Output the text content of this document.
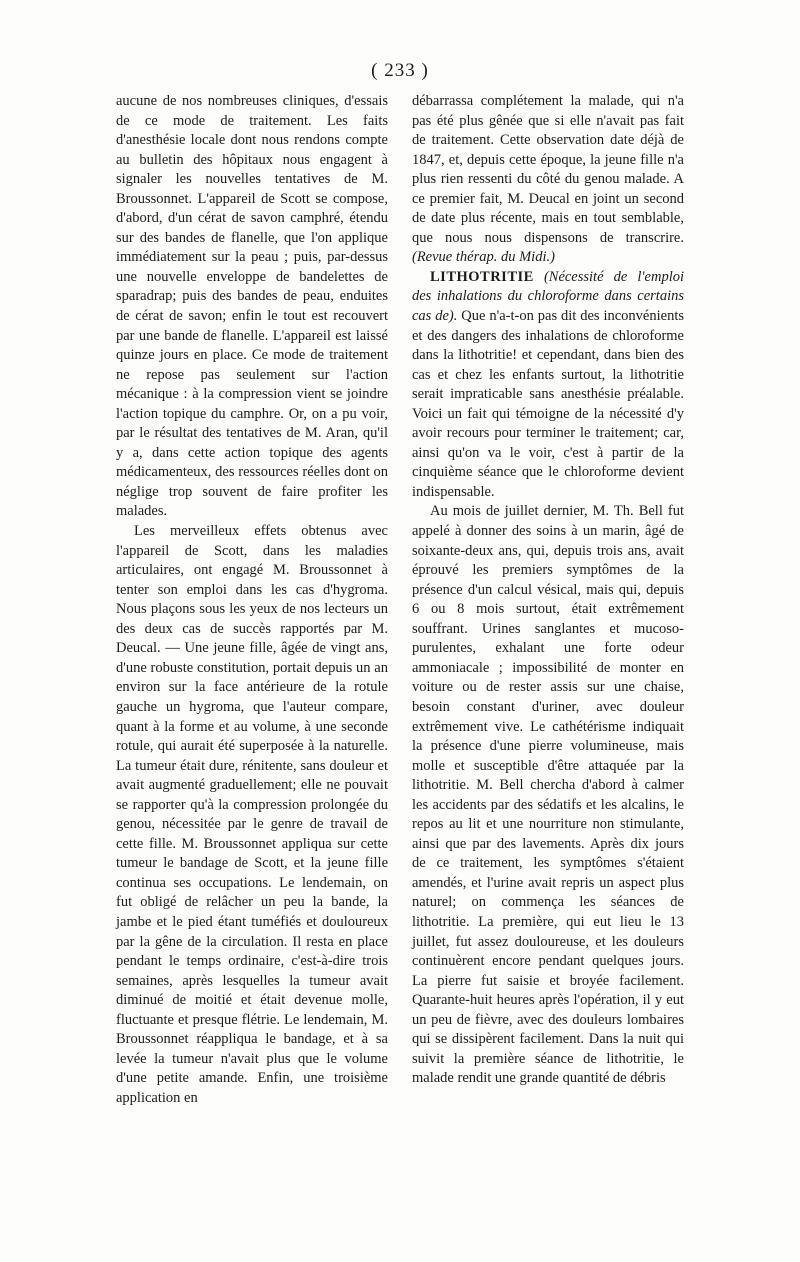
( 233 )

aucune de nos nombreuses cliniques, d'essais de ce mode de traitement. Les faits d'anesthésie locale dont nous rendons compte au bulletin des hôpitaux nous engagent à signaler les nouvelles tentatives de M. Broussonnet. L'appareil de Scott se compose, d'abord, d'un cérat de savon camphré, étendu sur des bandes de flanelle, que l'on applique immédiatement sur la peau ; puis, par-dessus une nouvelle enveloppe de bandelettes de sparadrap; puis des bandes de peau, enduites de cérat de savon; enfin le tout est recouvert par une bande de flanelle. L'appareil est laissé quinze jours en place. Ce mode de traitement ne repose pas seulement sur l'action mécanique : à la compression vient se joindre l'action topique du camphre. Or, on a pu voir, par le résultat des tentatives de M. Aran, qu'il y a, dans cette action topique des agents médicamenteux, des ressources réelles dont on néglige trop souvent de faire profiter les malades.

Les merveilleux effets obtenus avec l'appareil de Scott, dans les maladies articulaires, ont engagé M. Broussonnet à tenter son emploi dans les cas d'hygroma. Nous plaçons sous les yeux de nos lecteurs un des deux cas de succès rapportés par M. Deucal. — Une jeune fille, âgée de vingt ans, d'une robuste constitution, portait depuis un an environ sur la face antérieure de la rotule gauche un hygroma, que l'auteur compare, quant à la forme et au volume, à une seconde rotule, qui aurait été superposée à la naturelle. La tumeur était dure, rénitente, sans douleur et avait augmenté graduellement; elle ne pouvait se rapporter qu'à la compression prolongée du genou, nécessitée par le genre de travail de cette fille. M. Broussonnet appliqua sur cette tumeur le bandage de Scott, et la jeune fille continua ses occupations. Le lendemain, on fut obligé de relâcher un peu la bande, la jambe et le pied étant tuméfiés et douloureux par la gêne de la circulation. Il resta en place pendant le temps ordinaire, c'est-à-dire trois semaines, après lesquelles la tumeur avait diminué de moitié et était devenue molle, fluctuante et presque flétrie. Le lendemain, M. Broussonnet réappliqua le bandage, et à sa levée la tumeur n'avait plus que le volume d'une petite amande. Enfin, une troisième application en

débarrassa complétement la malade, qui n'a pas été plus gênée que si elle n'avait pas fait de traitement. Cette observation date déjà de 1847, et, depuis cette époque, la jeune fille n'a plus rien ressenti du côté du genou malade. A ce premier fait, M. Deucal en joint un second de date plus récente, mais en tout semblable, que nous nous dispensons de transcrire. (Revue thérap. du Midi.)

LITHOTRITIE (Nécessité de l'emploi des inhalations du chloroforme dans certains cas de). Que n'a-t-on pas dit des inconvénients et des dangers des inhalations de chloroforme dans la lithotritie! et cependant, dans bien des cas et chez les enfants surtout, la lithotritie serait impraticable sans anesthésie préalable. Voici un fait qui témoigne de la nécessité d'y avoir recours pour terminer le traitement; car, ainsi qu'on va le voir, c'est à partir de la cinquième séance que le chloroforme devient indispensable.

Au mois de juillet dernier, M. Th. Bell fut appelé à donner des soins à un marin, âgé de soixante-deux ans, qui, depuis trois ans, avait éprouvé les premiers symptômes de la présence d'un calcul vésical, mais qui, depuis 6 ou 8 mois surtout, était extrêmement souffrant. Urines sanglantes et mucoso-purulentes, exhalant une forte odeur ammoniacale ; impossibilité de monter en voiture ou de rester assis sur une chaise, besoin constant d'uriner, avec douleur extrêmement vive. Le cathétérisme indiquait la présence d'une pierre volumineuse, mais molle et susceptible d'être attaquée par la lithotritie. M. Bell chercha d'abord à calmer les accidents par des sédatifs et les alcalins, le repos au lit et une nourriture non stimulante, ainsi que par des lavements. Après dix jours de ce traitement, les symptômes s'étaient amendés, et l'urine avait repris un aspect plus naturel; on commença les séances de lithotritie. La première, qui eut lieu le 13 juillet, fut assez douloureuse, et les douleurs continuèrent encore pendant quelques jours. La pierre fut saisie et broyée facilement. Quarante-huit heures après l'opération, il y eut un peu de fièvre, avec des douleurs lombaires qui se dissipèrent facilement. Dans la nuit qui suivit la première séance de lithotritie, le malade rendit une grande quantité de débris
